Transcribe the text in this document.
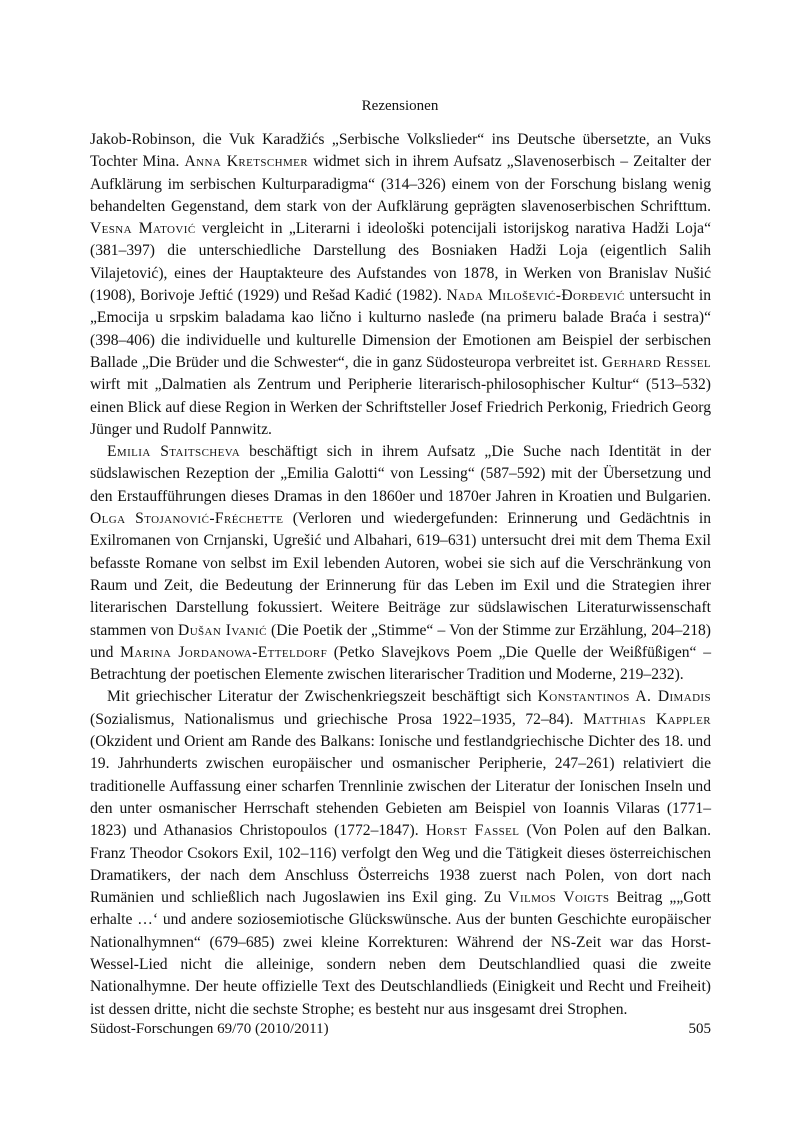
Rezensionen

Jakob-Robinson, die Vuk Karadžićs „Serbische Volkslieder“ ins Deutsche übersetzte, an Vuks Tochter Mina. Anna Kretschmer widmet sich in ihrem Aufsatz „Slavenoserbisch – Zeitalter der Aufklärung im serbischen Kulturparadigma“ (314–326) einem von der Forschung bislang wenig behandelten Gegenstand, dem stark von der Aufklärung geprägten slavenoserbischen Schrifttum. Vesna Matović vergleicht in „Literarni i ideološki potencijali istorijskog narativa Hadži Loja“ (381–397) die unterschiedliche Darstellung des Bosniaken Hadži Loja (eigentlich Salih Vilajetović), eines der Hauptakteure des Aufstandes von 1878, in Werken von Branislav Nušić (1908), Borivoje Jeftić (1929) und Rešad Kadić (1982). Nada Milošević-Đorđević untersucht in „Emocija u srpskim baladama kao lično i kulturno nasleđe (na primeru balade Braća i sestra)“ (398–406) die individuelle und kulturelle Dimension der Emotionen am Beispiel der serbischen Ballade „Die Brüder und die Schwester“, die in ganz Südosteuropa verbreitet ist. Gerhard Ressel wirft mit „Dalmatien als Zentrum und Peripherie literarisch-philosophischer Kultur“ (513–532) einen Blick auf diese Region in Werken der Schriftsteller Josef Friedrich Perkonig, Friedrich Georg Jünger und Rudolf Pannwitz.

Emilia Staitscheva beschäftigt sich in ihrem Aufsatz „Die Suche nach Identität in der südslawischen Rezeption der „Emilia Galotti“ von Lessing“ (587–592) mit der Übersetzung und den Erstaufführungen dieses Dramas in den 1860er und 1870er Jahren in Kroatien und Bulgarien. Olga Stojanović-Fréchette (Verloren und wiedergefunden: Erinnerung und Gedächtnis in Exilromanen von Crnjanski, Ugrešić und Albahari, 619–631) untersucht drei mit dem Thema Exil befasste Romane von selbst im Exil lebenden Autoren, wobei sie sich auf die Verschränkung von Raum und Zeit, die Bedeutung der Erinnerung für das Leben im Exil und die Strategien ihrer literarischen Darstellung fokussiert. Weitere Beiträge zur südslawischen Literaturwissenschaft stammen von Dušan Ivanić (Die Poetik der „Stimme“ – Von der Stimme zur Erzählung, 204–218) und Marina Jordanowa-Etteldorf (Petko Slavejkovs Poem „Die Quelle der Weißfüßigen“ – Betrachtung der poetischen Elemente zwischen literarischer Tradition und Moderne, 219–232).

Mit griechischer Literatur der Zwischenkriegszeit beschäftigt sich Konstantinos A. Dimadis (Sozialismus, Nationalismus und griechische Prosa 1922–1935, 72–84). Matthias Kappler (Okzident und Orient am Rande des Balkans: Ionische und festlandgriechische Dichter des 18. und 19. Jahrhunderts zwischen europäischer und osmanischer Peripherie, 247–261) relativiert die traditionelle Auffassung einer scharfen Trennlinie zwischen der Literatur der Ionischen Inseln und den unter osmanischer Herrschaft stehenden Gebieten am Beispiel von Ioannis Vilaras (1771–1823) und Athanasios Christopoulos (1772–1847). Horst Fassel (Von Polen auf den Balkan. Franz Theodor Csokors Exil, 102–116) verfolgt den Weg und die Tätigkeit dieses österreichischen Dramatikers, der nach dem Anschluss Österreichs 1938 zuerst nach Polen, von dort nach Rumänien und schließlich nach Jugoslawien ins Exil ging. Zu Vilmos Voigts Beitrag „„Gott erhalte …‘ und andere soziosemiotische Glückswünsche. Aus der bunten Geschichte europäischer Nationalhymnen“ (679–685) zwei kleine Korrekturen: Während der NS-Zeit war das Horst-Wessel-Lied nicht die alleinige, sondern neben dem Deutschlandlied quasi die zweite Nationalhymne. Der heute offizielle Text des Deutschlandlieds (Einigkeit und Recht und Freiheit) ist dessen dritte, nicht die sechste Strophe; es besteht nur aus insgesamt drei Strophen.

Südost-Forschungen 69/70 (2010/2011)	505
